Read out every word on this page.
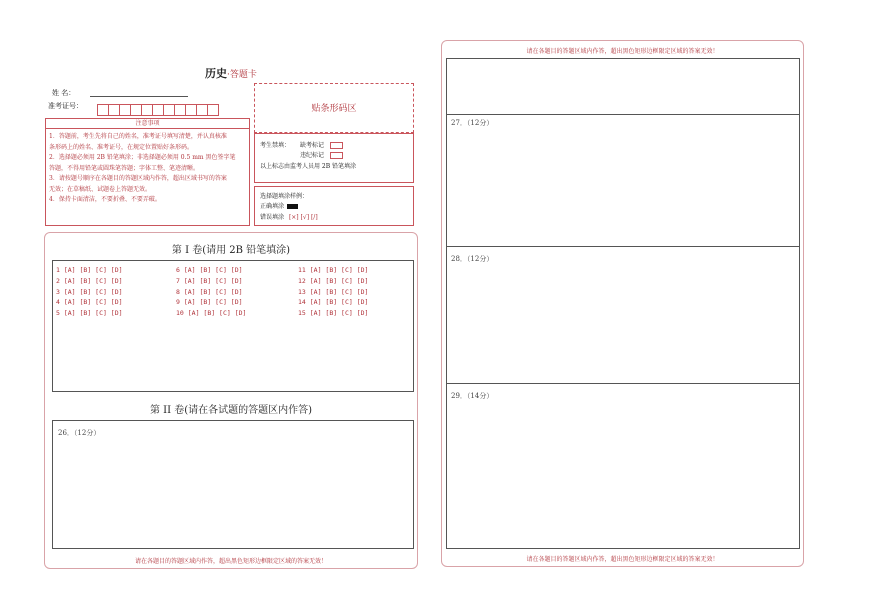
历史·答题卡
姓 名：
准考证号：	贴条形码区
注意事项
1．答题前，考生先将自己的姓名，准考证号填写清楚，并认真核准
条形码上的姓名、准考证号，在规定位置贴好条形码。
2．选择题必须用 2B 铅笔填涂；非选择题必须用 0.5 mm 黑色签字笔
答题，不得用铅笔或圆珠笔答题；字体工整、笔迹清晰。
3．请按题号顺序在各题目的答题区域内作答，超出区域书写的答案
无效；在草稿纸、试题卷上答题无效。
4．保持卡面清洁，不要折叠、不要弄破。
考生禁填： 缺考标记
违纪标记
以上标志由监考人员用 2B 铅笔填涂
选择题填涂样例：
正确填涂
错误填涂 [×] [√] [/]
第 I 卷(请用 2B 铅笔填涂)
1 [A] [B] [C] [D]
2 [A] [B] [C] [D]
3 [A] [B] [C] [D]
4 [A] [B] [C] [D]
5 [A] [B] [C] [D]
6 [A] [B] [C] [D]
7 [A] [B] [C] [D]
8 [A] [B] [C] [D]
9 [A] [B] [C] [D]
10 [A] [B] [C] [D]
11 [A] [B] [C] [D]
12 [A] [B] [C] [D]
13 [A] [B] [C] [D]
14 [A] [B] [C] [D]
15 [A] [B] [C] [D]
第 II 卷(请在各试题的答题区内作答)
26．（12分）
请在各题目的答题区域内作答，超出黑色矩形边框限定区域的答案无效！
请在各题目的答题区域内作答，超出黑色矩形边框限定区域的答案无效！
27．（12分）
28．（12分）
29．（14分）
请在各题目的答题区域内作答，超出黑色矩形边框限定区域的答案无效！
